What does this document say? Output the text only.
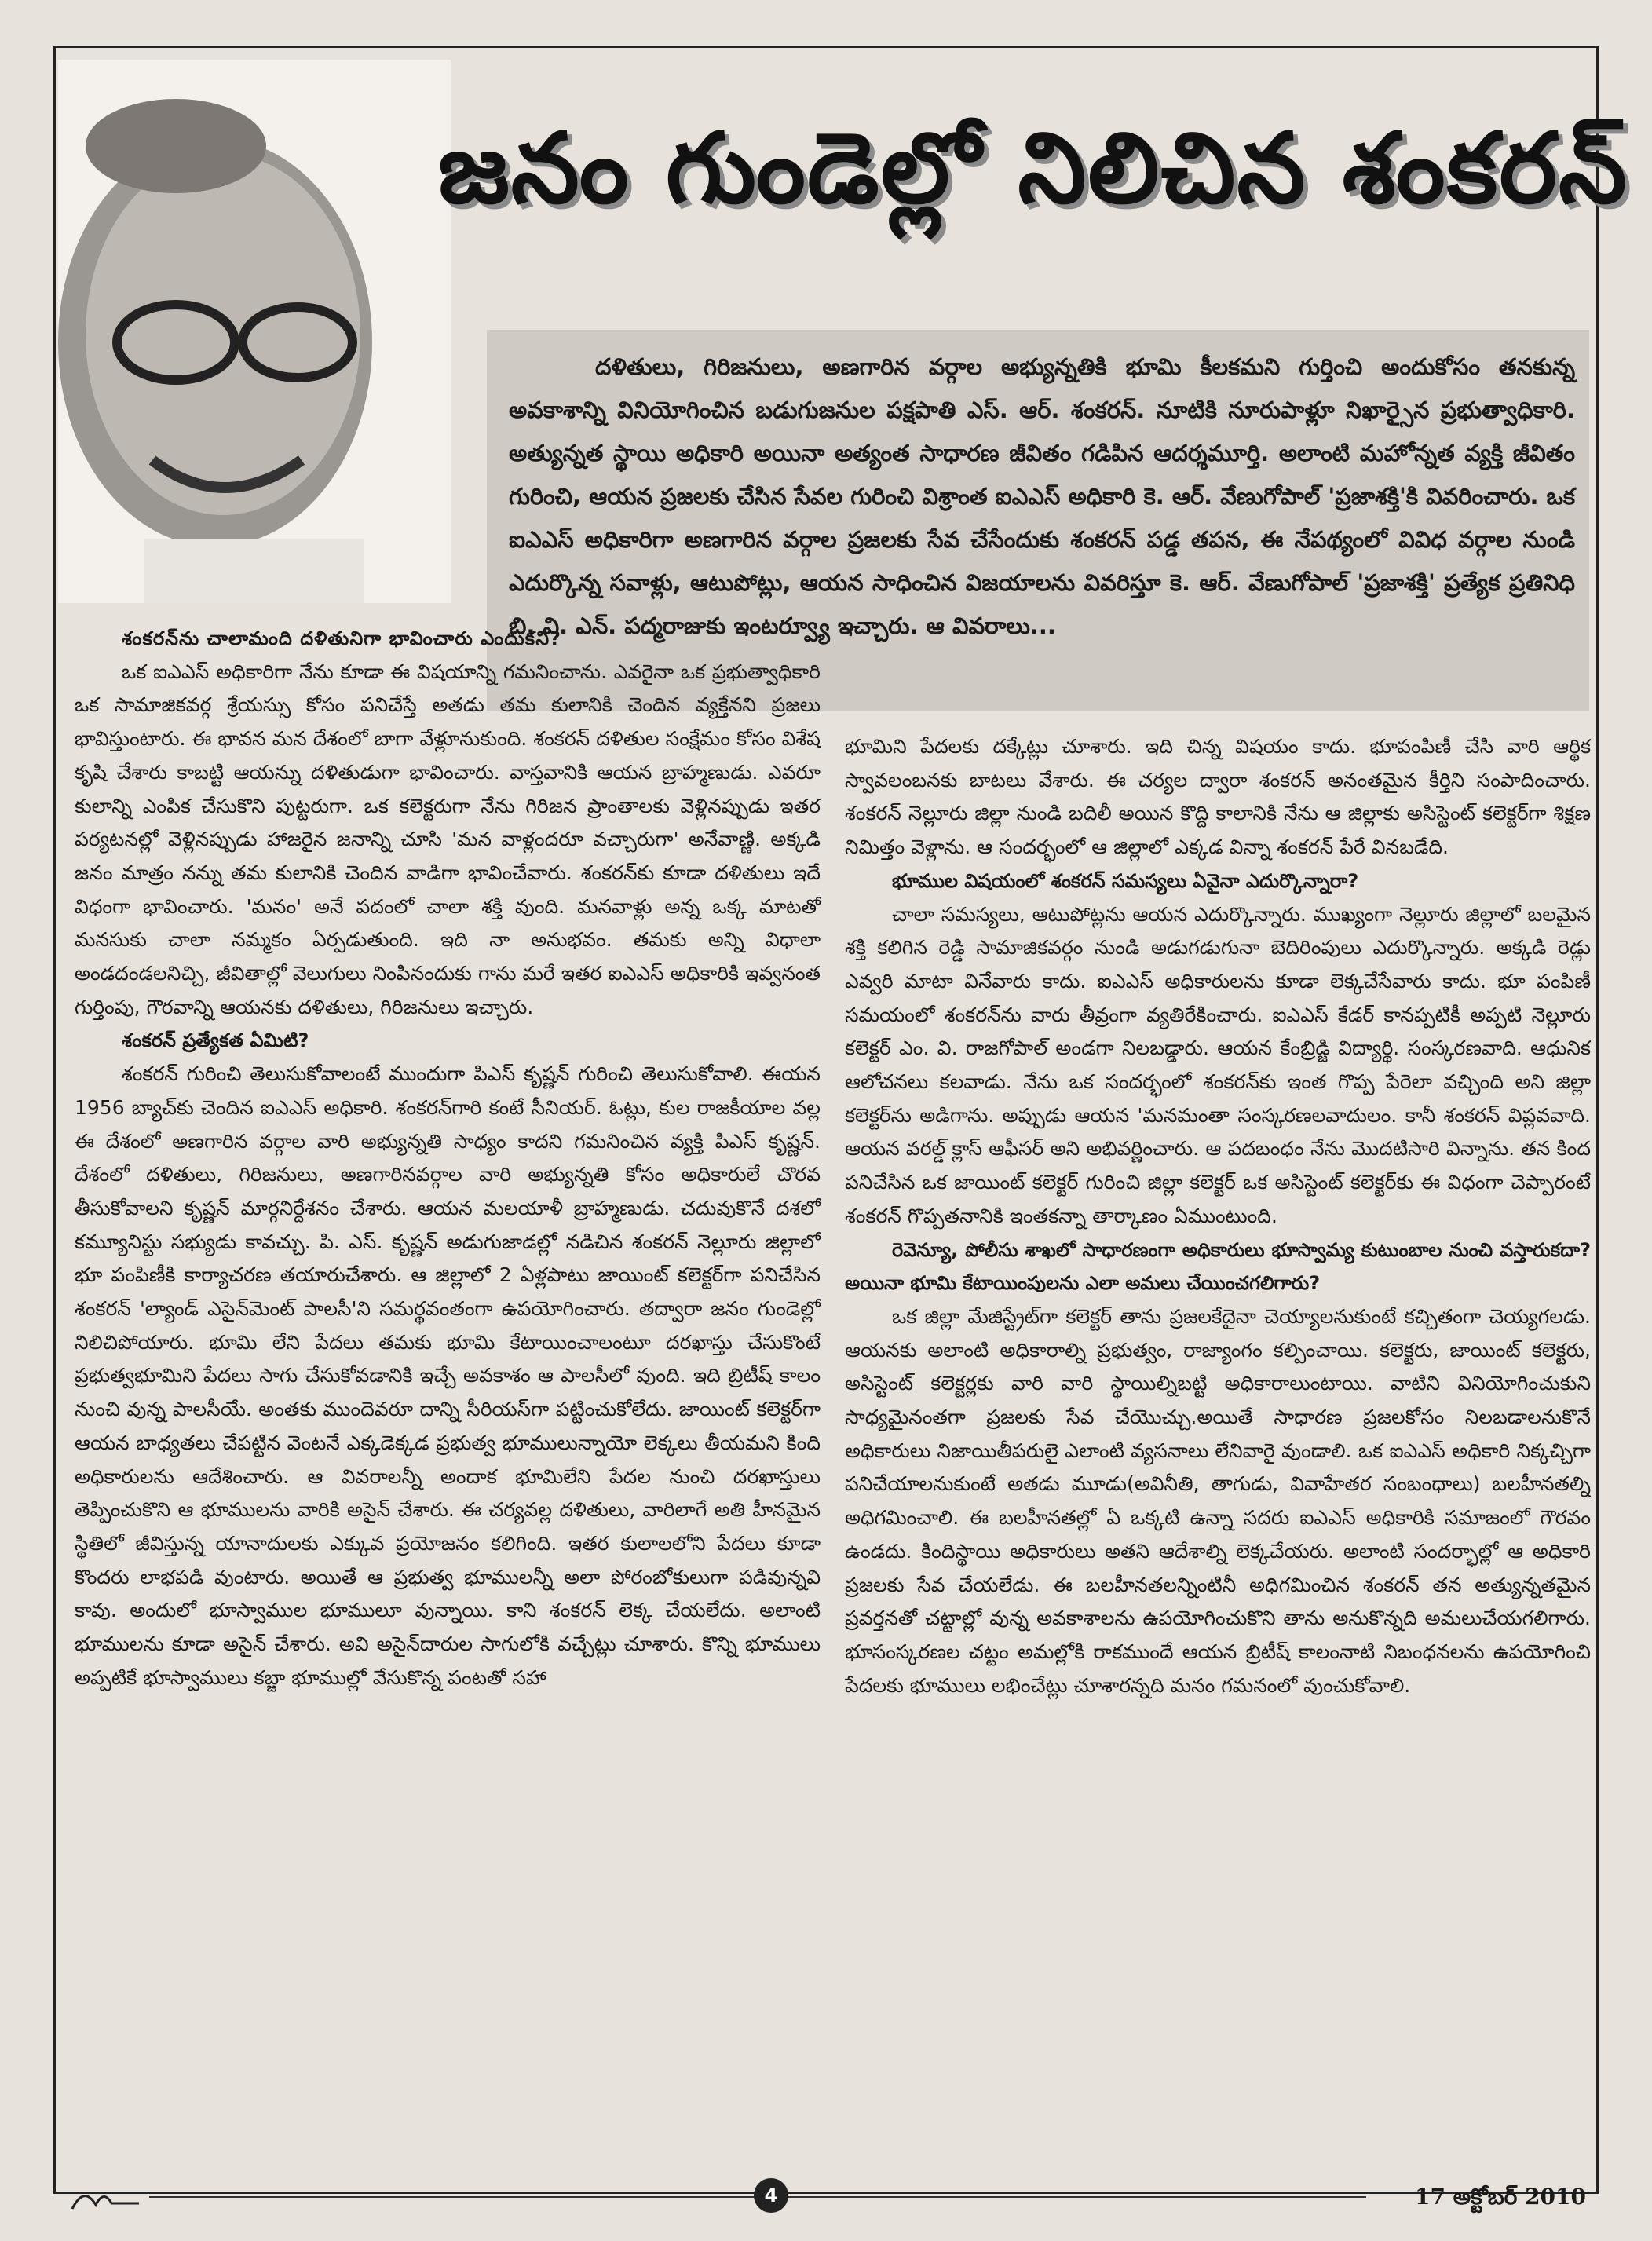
జనం గుండెల్లో నిలిచిన శంకరన్
దళితులు, గిరిజనులు, అణగారిన వర్గాల అభ్యున్నతికి భూమి కీలకమని గుర్తించి అందుకోసం తనకున్న అవకాశాన్ని వినియోగించిన బడుగుజనుల పక్షపాతి ఎస్. ఆర్. శంకరన్. నూటికి నూరుపాళ్లూ నిఖార్సైన ప్రభుత్వాధికారి. అత్యున్నత స్థాయి అధికారి అయినా అత్యంత సాధారణ జీవితం గడిపిన ఆదర్శమూర్తి. అలాంటి మహోన్నత వ్యక్తి జీవితం గురించి, ఆయన ప్రజలకు చేసిన సేవల గురించి విశ్రాంత ఐఎఎస్ అధికారి కె. ఆర్. వేణుగోపాల్ 'ప్రజాశక్తి'కి వివరించారు. ఒక ఐఎఎస్ అధికారిగా అణగారిన వర్గాల ప్రజలకు సేవ చేసేందుకు శంకరన్ పడ్డ తపన, ఈ నేపథ్యంలో వివిధ వర్గాల నుండి ఎదుర్కొన్న సవాళ్లు, ఆటుపోట్లు, ఆయన సాధించిన విజయాలను వివరిస్తూ కె. ఆర్. వేణుగోపాల్ 'ప్రజాశక్తి' ప్రత్యేక ప్రతినిధి బి. వి. ఎన్. పద్మరాజుకు ఇంటర్వ్యూ ఇచ్చారు. ఆ వివరాలు...

శంకరన్‌ను చాలామంది దళితునిగా భావించారు ఎందుకని?

ఒక ఐఎఎస్ అధికారిగా నేను కూడా ఈ విషయాన్ని గమనించాను. ఎవరైనా ఒక ప్రభుత్వాధికారి ఒక సామాజికవర్గ శ్రేయస్సు కోసం పనిచేస్తే అతడు తమ కులానికి చెందిన వ్యక్తేనని ప్రజలు భావిస్తుంటారు. ఈ భావన మన దేశంలో బాగా వేళ్లూనుకుంది. శంకరన్ దళితుల సంక్షేమం కోసం విశేష కృషి చేశారు కాబట్టి ఆయన్ను దళితుడుగా భావించారు. వాస్తవానికి ఆయన బ్రాహ్మణుడు. ఎవరూ కులాన్ని ఎంపిక చేసుకొని పుట్టరుగా. ఒక కలెక్టరుగా నేను గిరిజన ప్రాంతాలకు వెళ్లినప్పుడు ఇతర పర్యటనల్లో వెళ్లినప్పుడు హాజరైన జనాన్ని చూసి 'మన వాళ్లందరూ వచ్చారుగా' అనేవాణ్ణి. అక్కడి జనం మాత్రం నన్ను తమ కులానికి చెందిన వాడిగా భావించేవారు. శంకరన్‌కు కూడా దళితులు ఇదే విధంగా భావించారు. 'మనం' అనే పదంలో చాలా శక్తి వుంది. మనవాళ్లు అన్న ఒక్క మాటతో మనసుకు చాలా నమ్మకం ఏర్పడుతుంది. ఇది నా అనుభవం. తమకు అన్ని విధాలా అండదండలనిచ్చి, జీవితాల్లో వెలుగులు నింపినందుకు గాను మరే ఇతర ఐఎఎస్ అధికారికి ఇవ్వనంత గుర్తింపు, గౌరవాన్ని ఆయనకు దళితులు, గిరిజనులు ఇచ్చారు.

శంకరన్ ప్రత్యేకత ఏమిటి?

శంకరన్ గురించి తెలుసుకోవాలంటే ముందుగా పిఎస్ కృష్ణన్ గురించి తెలుసుకోవాలి. ఈయన 1956 బ్యాచ్‌కు చెందిన ఐఎఎస్ అధికారి. శంకరన్‌గారి కంటే సీనియర్. ఓట్లు, కుల రాజకీయాల వల్ల ఈ దేశంలో అణగారిన వర్గాల వారి అభ్యున్నతి సాధ్యం కాదని గమనించిన వ్యక్తి పిఎస్ కృష్ణన్. దేశంలో దళితులు, గిరిజనులు, అణగారినవర్గాల వారి అభ్యున్నతి కోసం అధికారులే చొరవ తీసుకోవాలని కృష్ణన్ మార్గనిర్దేశనం చేశారు. ఆయన మలయాళీ బ్రాహ్మణుడు. చదువుకొనే దశలో కమ్యూనిస్టు సభ్యుడు కావచ్చు. పి. ఎస్. కృష్ణన్ అడుగుజాడల్లో నడిచిన శంకరన్ నెల్లూరు జిల్లాలో భూ పంపిణీకి కార్యాచరణ తయారుచేశారు. ఆ జిల్లాలో 2 ఏళ్లపాటు జాయింట్ కలెక్టర్‌గా పనిచేసిన శంకరన్ 'ల్యాండ్ ఎసైన్‌మెంట్ పాలసీ'ని సమర్థవంతంగా ఉపయోగించారు. తద్వారా జనం గుండెల్లో నిలిచిపోయారు. భూమి లేని పేదలు తమకు భూమి కేటాయించాలంటూ దరఖాస్తు చేసుకొంటే ప్రభుత్వభూమిని పేదలు సాగు చేసుకోవడానికి ఇచ్చే అవకాశం ఆ పాలసీలో వుంది. ఇది బ్రిటీష్ కాలం నుంచి వున్న పాలసీయే. అంతకు ముందెవరూ దాన్ని సీరియస్‌గా పట్టించుకోలేదు. జాయింట్ కలెక్టర్‌గా ఆయన బాధ్యతలు చేపట్టిన వెంటనే ఎక్కడెక్కడ ప్రభుత్వ భూములున్నాయో లెక్కలు తీయమని కింది అధికారులను ఆదేశించారు. ఆ వివరాలన్నీ అందాక భూమిలేని పేదల నుంచి దరఖాస్తులు తెప్పించుకొని ఆ భూములను వారికి అసైన్ చేశారు. ఈ చర్యవల్ల దళితులు, వారిలాగే అతి హీనమైన స్థితిలో జీవిస్తున్న యానాదులకు ఎక్కువ ప్రయోజనం కలిగింది. ఇతర కులాలలోని పేదలు కూడా కొందరు లాభపడి వుంటారు. అయితే ఆ ప్రభుత్వ భూములన్నీ అలా పోరంబోకులుగా పడివున్నవి కావు. అందులో భూస్వాముల భూములూ వున్నాయి. కాని శంకరన్ లెక్క చేయలేదు. అలాంటి భూములను కూడా అసైన్ చేశారు. అవి అసైన్‌దారుల సాగులోకి వచ్చేట్లు చూశారు. కొన్ని భూములు అప్పటికే భూస్వాములు కబ్జా భూముల్లో వేసుకొన్న పంటతో సహా

భూమిని పేదలకు దక్కేట్లు చూశారు. ఇది చిన్న విషయం కాదు. భూపంపిణీ చేసి వారి ఆర్థిక స్వావలంబనకు బాటలు వేశారు. ఈ చర్యల ద్వారా శంకరన్ అనంతమైన కీర్తిని సంపాదించారు. శంకరన్ నెల్లూరు జిల్లా నుండి బదిలీ అయిన కొద్ది కాలానికి నేను ఆ జిల్లాకు అసిస్టెంట్ కలెక్టర్‌గా శిక్షణ నిమిత్తం వెళ్లాను. ఆ సందర్భంలో ఆ జిల్లాలో ఎక్కడ విన్నా శంకరన్ పేరే వినబడేది.

భూముల విషయంలో శంకరన్ సమస్యలు ఏవైనా ఎదుర్కొన్నారా?

చాలా సమస్యలు, ఆటుపోట్లను ఆయన ఎదుర్కొన్నారు. ముఖ్యంగా నెల్లూరు జిల్లాలో బలమైన శక్తి కలిగిన రెడ్డి సామాజికవర్గం నుండి అడుగడుగునా బెదిరింపులు ఎదుర్కొన్నారు. అక్కడి రెడ్లు ఎవ్వరి మాటా వినేవారు కాదు. ఐఎఎస్ అధికారులను కూడా లెక్కచేసేవారు కాదు. భూ పంపిణీ సమయంలో శంకరన్‌ను వారు తీవ్రంగా వ్యతిరేకించారు. ఐఎఎస్ కేడర్ కానప్పటికీ అప్పటి నెల్లూరు కలెక్టర్ ఎం. వి. రాజగోపాల్ అండగా నిలబడ్డారు. ఆయన కేంబ్రిడ్జి విద్యార్థి. సంస్కరణవాది. ఆధునిక ఆలోచనలు కలవాడు. నేను ఒక సందర్భంలో శంకరన్‌కు ఇంత గొప్ప పేరెలా వచ్చింది అని జిల్లా కలెక్టర్‌ను అడిగాను. అప్పుడు ఆయన 'మనమంతా సంస్కరణలవాదులం. కానీ శంకరన్ విప్లవవాది. ఆయన వరల్డ్ క్లాస్ ఆఫీసర్ అని అభివర్ణించారు. ఆ పదబంధం నేను మొదటిసారి విన్నాను. తన కింద పనిచేసిన ఒక జాయింట్ కలెక్టర్ గురించి జిల్లా కలెక్టర్ ఒక అసిస్టెంట్ కలెక్టర్‌కు ఈ విధంగా చెప్పారంటే శంకరన్ గొప్పతనానికి ఇంతకన్నా తార్కాణం ఏముంటుంది.

రెవెన్యూ, పోలీసు శాఖలో సాధారణంగా అధికారులు భూస్వామ్య కుటుంబాల నుంచి వస్తారుకదా? అయినా భూమి కేటాయింపులను ఎలా అమలు చేయించగలిగారు?

ఒక జిల్లా మేజిస్ట్రేట్‌గా కలెక్టర్ తాను ప్రజలకేదైనా చెయ్యాలనుకుంటే కచ్చితంగా చెయ్యగలడు. ఆయనకు అలాంటి అధికారాల్ని ప్రభుత్వం, రాజ్యాంగం కల్పించాయి. కలెక్టరు, జాయింట్ కలెక్టరు, అసిస్టెంట్ కలెక్టర్లకు వారి వారి స్థాయిల్నిబట్టి అధికారాలుంటాయి. వాటిని వినియోగించుకుని సాధ్యమైనంతగా ప్రజలకు సేవ చేయొచ్చు.అయితే సాధారణ ప్రజలకోసం నిలబడాలనుకొనే అధికారులు నిజాయితీపరులై ఎలాంటి వ్యసనాలు లేనివారై వుండాలి. ఒక ఐఎఎస్ అధికారి నిక్కచ్చిగా పనిచేయాలనుకుంటే అతడు మూడు(అవినీతి, తాగుడు, వివాహేతర సంబంధాలు) బలహీనతల్ని అధిగమించాలి. ఈ బలహీనతల్లో ఏ ఒక్కటి ఉన్నా సదరు ఐఎఎస్ అధికారికి సమాజంలో గౌరవం ఉండదు. కిందిస్థాయి అధికారులు అతని ఆదేశాల్ని లెక్కచేయరు. అలాంటి సందర్భాల్లో ఆ అధికారి ప్రజలకు సేవ చేయలేడు. ఈ బలహీనతలన్నింటినీ అధిగమించిన శంకరన్ తన అత్యున్నతమైన ప్రవర్తనతో చట్టాల్లో వున్న అవకాశాలను ఉపయోగించుకొని తాను అనుకొన్నది అమలుచేయగలిగారు. భూసంస్కరణల చట్టం అమల్లోకి రాకముందే ఆయన బ్రిటీష్ కాలంనాటి నిబంధనలను ఉపయోగించి పేదలకు భూములు లభించేట్లు చూశారన్నది మనం గమనంలో వుంచుకోవాలి.

4	17 అక్టోబర్ 2010
